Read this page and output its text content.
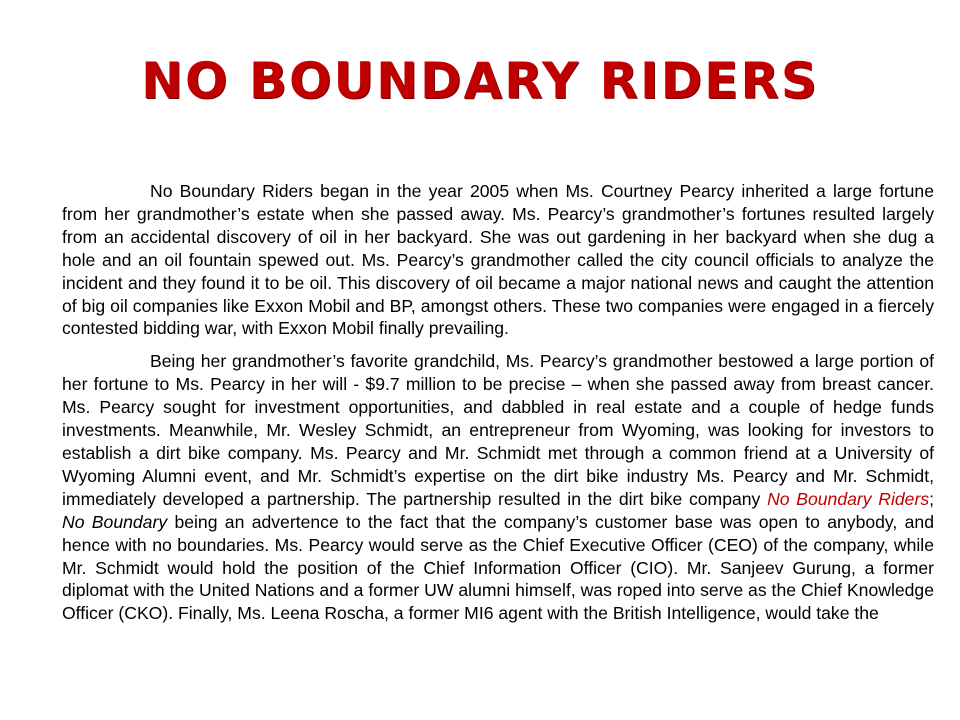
NO BOUNDARY RIDERS

No Boundary Riders began in the year 2005 when Ms. Courtney Pearcy inherited a large fortune from her grandmother’s estate when she passed away. Ms. Pearcy’s grandmother’s fortunes resulted largely from an accidental discovery of oil in her backyard. She was out gardening in her backyard when she dug a hole and an oil fountain spewed out. Ms. Pearcy’s grandmother called the city council officials to analyze the incident and they found it to be oil. This discovery of oil became a major national news and caught the attention of big oil companies like Exxon Mobil and BP, amongst others. These two companies were engaged in a fiercely contested bidding war, with Exxon Mobil finally prevailing.

Being her grandmother’s favorite grandchild, Ms. Pearcy’s grandmother bestowed a large portion of her fortune to Ms. Pearcy in her will - $9.7 million to be precise – when she passed away from breast cancer. Ms. Pearcy sought for investment opportunities, and dabbled in real estate and a couple of hedge funds investments. Meanwhile, Mr. Wesley Schmidt, an entrepreneur from Wyoming, was looking for investors to establish a dirt bike company. Ms. Pearcy and Mr. Schmidt met through a common friend at a University of Wyoming Alumni event, and Mr. Schmidt’s expertise on the dirt bike industry Ms. Pearcy and Mr. Schmidt, immediately developed a partnership. The partnership resulted in the dirt bike company No Boundary Riders; No Boundary being an advertence to the fact that the company’s customer base was open to anybody, and hence with no boundaries. Ms. Pearcy would serve as the Chief Executive Officer (CEO) of the company, while Mr. Schmidt would hold the position of the Chief Information Officer (CIO). Mr. Sanjeev Gurung, a former diplomat with the United Nations and a former UW alumni himself, was roped into serve as the Chief Knowledge Officer (CKO). Finally, Ms. Leena Roscha, a former MI6 agent with the British Intelligence, would take the
